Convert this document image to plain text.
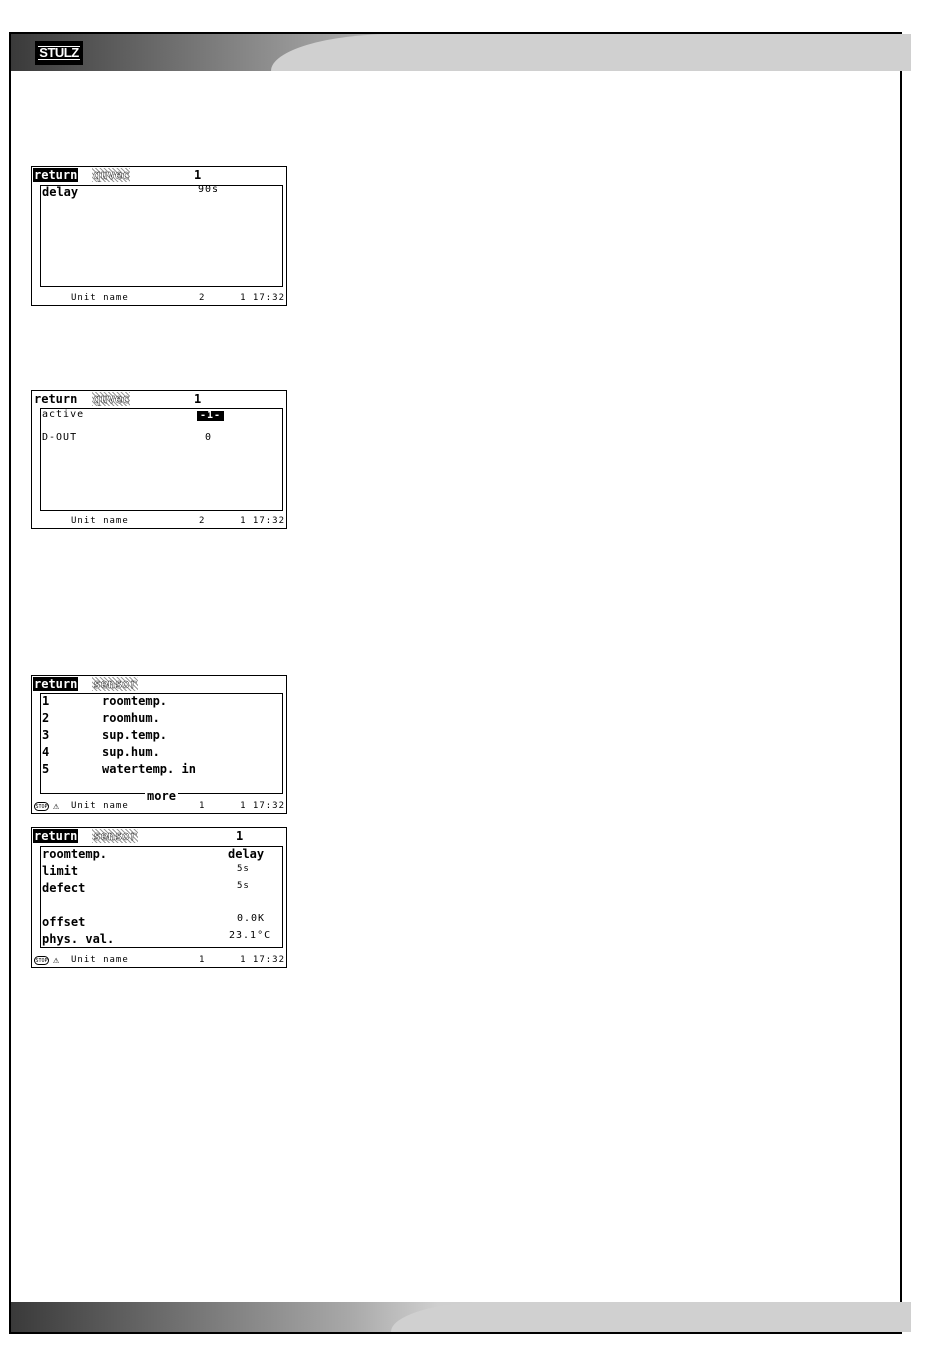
STULZ
return quvec	1
delay	90s
Unit name	2	1 17:32
return quvec	1
active	-1-
D-OUT	0
Unit name	2	1 17:32
return sensor
1	roomtemp.
2	roomhum.
3	sup.temp.
4	sup.hum.
5	watertemp. in
more
STOP ⚠ Unit name	1	1 17:32
return sensor	1
roomtemp.	delay
limit	5s
defect	5s
offset	0.0K
phys. val.	23.1°C
STOP ⚠ Unit name	1	1 17:32
